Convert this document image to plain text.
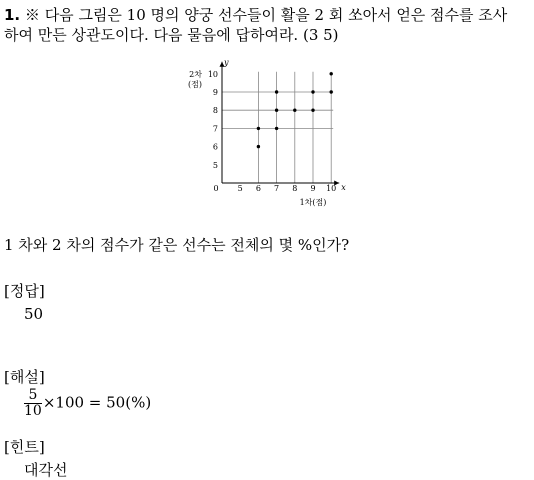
1. ※ 다음 그림은 10 명의 양궁 선수들이 활을 2 회 쏘아서 얻은 점수를 조사
하여 만든 상관도이다. 다음 물음에 답하여라. (3 5)
5 6 7 8 9 10
5
6
7
8
9
10
0
1차(점)
x
y
2차
(점)
1 차와 2 차의 점수가 같은 선수는 전체의 몇 %인가?
[정답]
50
[해설]
$\frac{5}{10} \times 100 = 50(\%)$
[힌트]
대각선
